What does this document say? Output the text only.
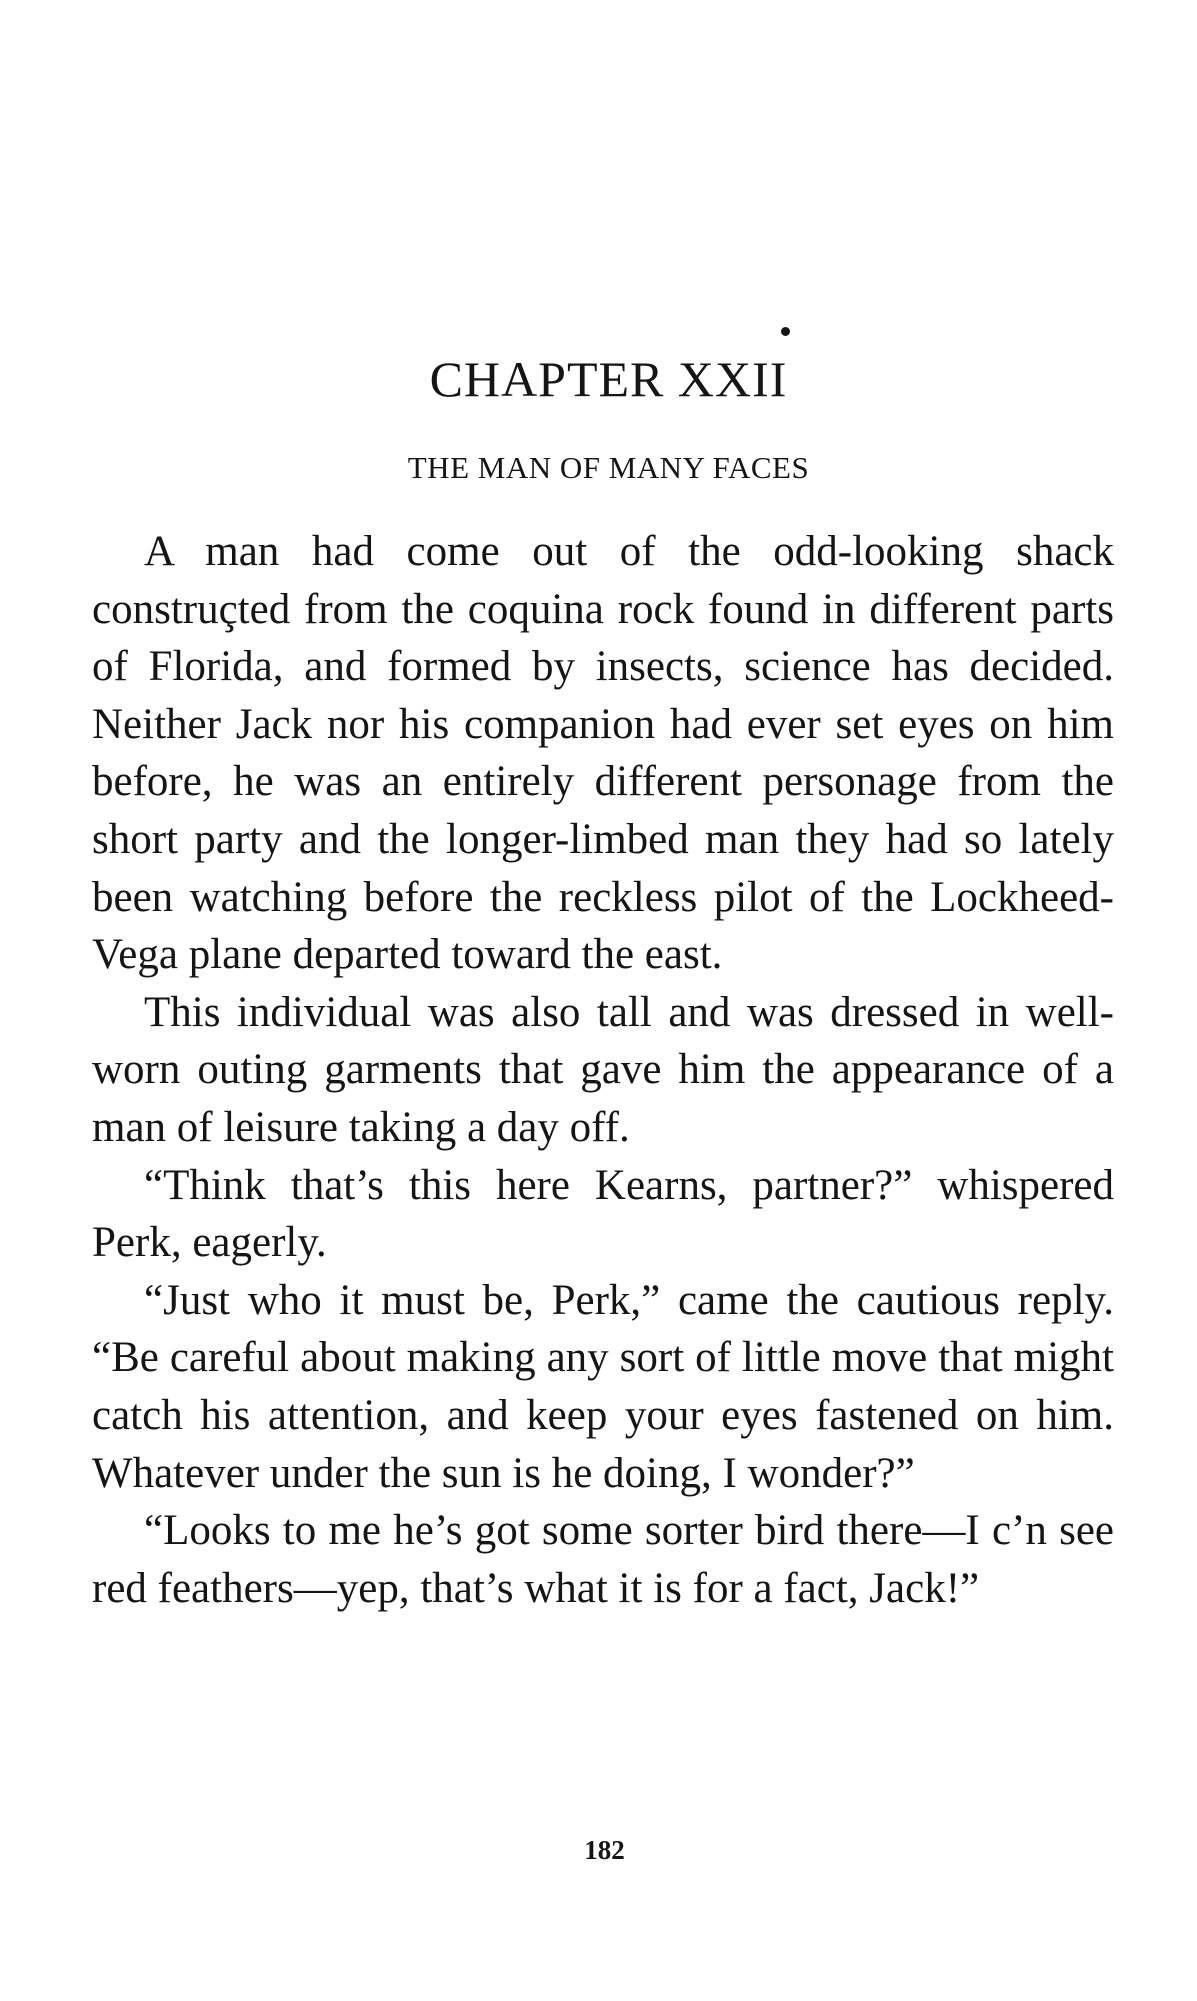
CHAPTER XXII
THE MAN OF MANY FACES

A man had come out of the odd-looking shack construçted from the coquina rock found in different parts of Florida, and formed by insects, science has decided. Neither Jack nor his companion had ever set eyes on him before, he was an entirely different personage from the short party and the longer-limbed man they had so lately been watching before the reckless pilot of the Lockheed-Vega plane departed toward the east.

This individual was also tall and was dressed in well-worn outing garments that gave him the appearance of a man of leisure taking a day off.

“Think that’s this here Kearns, partner?” whispered Perk, eagerly.

“Just who it must be, Perk,” came the cautious reply. “Be careful about making any sort of little move that might catch his attention, and keep your eyes fastened on him. Whatever under the sun is he doing, I wonder?”

“Looks to me he’s got some sorter bird there—I c’n see red feathers—yep, that’s what it is for a fact, Jack!”

182
